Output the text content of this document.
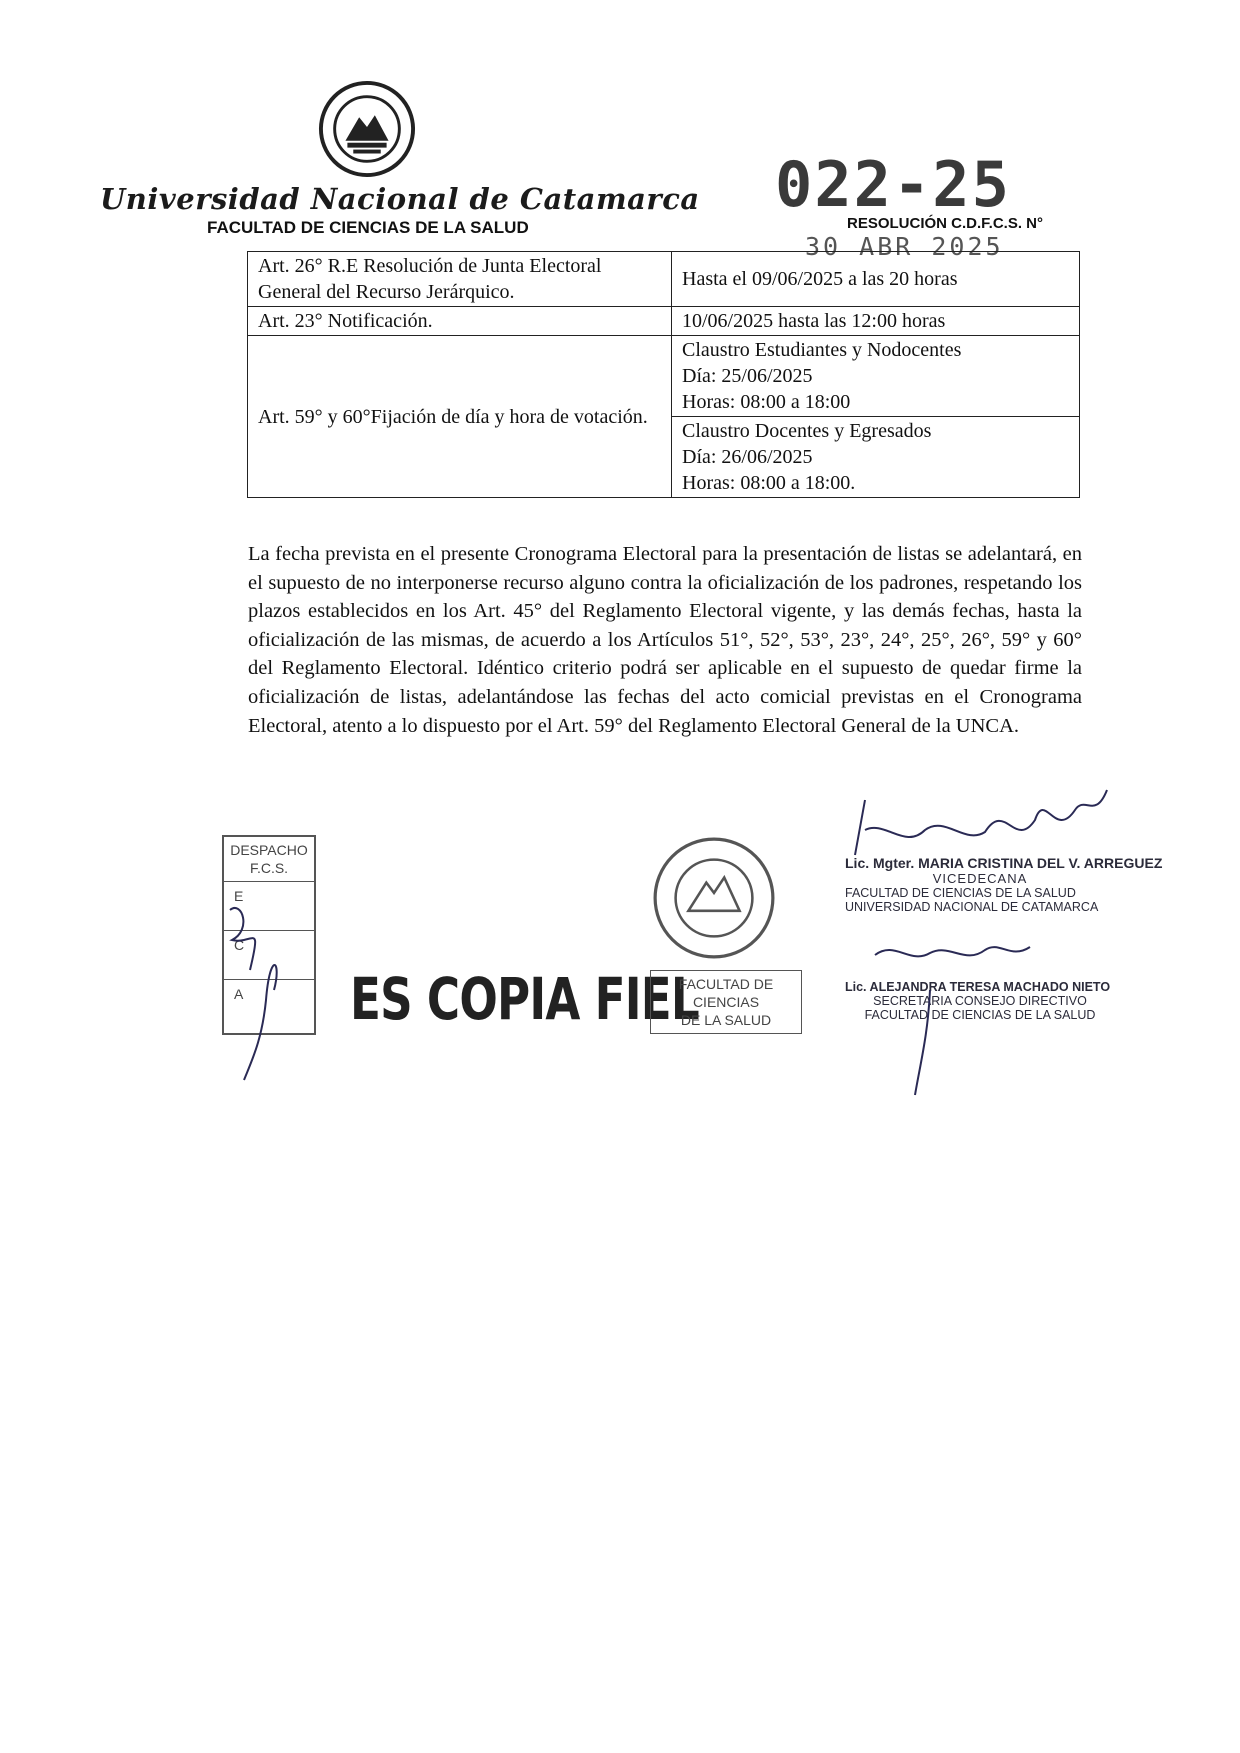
Universidad Nacional de Catamarca
FACULTAD DE CIENCIAS DE LA SALUD
022-25
RESOLUCIÓN C.D.F.C.S. N°
30 ABR 2025
Art. 26° R.E Resolución de Junta Electoral General del Recurso Jerárquico.	Hasta el 09/06/2025 a las 20 horas
Art. 23° Notificación.	10/06/2025 hasta las 12:00 horas
Art. 59° y 60°Fijación de día y hora de votación.	Claustro Estudiantes y Nodocentes
Día: 25/06/2025
Horas: 08:00 a 18:00

	Claustro Docentes y Egresados
Día: 26/06/2025
Horas: 08:00 a 18:00.
La fecha prevista en el presente Cronograma Electoral para la presentación de listas se adelantará, en el supuesto de no interponerse recurso alguno contra la oficialización de los padrones, respetando los plazos establecidos en los Art. 45° del Reglamento Electoral vigente, y las demás fechas, hasta la oficialización de las mismas, de acuerdo a los Artículos 51°, 52°, 53°, 23°, 24°, 25°, 26°, 59° y 60° del Reglamento Electoral. Idéntico criterio podrá ser aplicable en el supuesto de quedar firme la oficialización de listas, adelantándose las fechas del acto comicial previstas en el Cronograma Electoral, atento a lo dispuesto por el Art. 59° del Reglamento Electoral General de la UNCA.
DESPACHO
F.C.S.
E
C
A	ES COPIA FIEL
FACULTAD DE CIENCIAS
DE LA SALUD
Lic. Mgter. MARIA CRISTINA DEL V. ARREGUEZ
VICEDECANA
FACULTAD DE CIENCIAS DE LA SALUD
UNIVERSIDAD NACIONAL DE CATAMARCA
Lic. ALEJANDRA TERESA MACHADO NIETO
SECRETARIA CONSEJO DIRECTIVO
FACULTAD DE CIENCIAS DE LA SALUD
